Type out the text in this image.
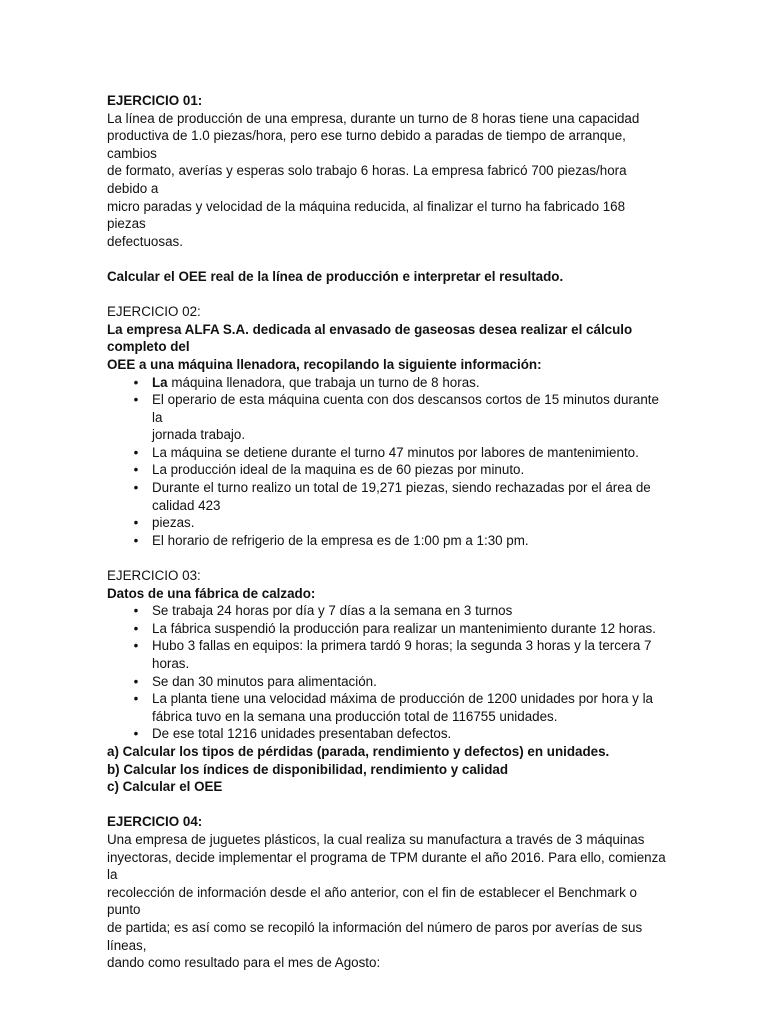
EJERCICIO 01:

La línea de producción de una empresa, durante un turno de 8 horas tiene una capacidad

productiva de 1.0 piezas/hora, pero ese turno debido a paradas de tiempo de arranque, cambios

de formato, averías y esperas solo trabajo 6 horas. La empresa fabricó 700 piezas/hora debido a

micro paradas y velocidad de la máquina reducida, al finalizar el turno ha fabricado 168 piezas

defectuosas.

Calcular el OEE real de la línea de producción e interpretar el resultado.

EJERCICIO 02:

La empresa ALFA S.A. dedicada al envasado de gaseosas desea realizar el cálculo completo del

OEE a una máquina llenadora, recopilando la siguiente información:

• La máquina llenadora, que trabaja un turno de 8 horas.
• El operario de esta máquina cuenta con dos descansos cortos de 15 minutos durante la
jornada trabajo.
• La máquina se detiene durante el turno 47 minutos por labores de mantenimiento.
• La producción ideal de la maquina es de 60 piezas por minuto.
• Durante el turno realizo un total de 19,271 piezas, siendo rechazadas por el área de
calidad 423
• piezas.
• El horario de refrigerio de la empresa es de 1:00 pm a 1:30 pm.

EJERCICIO 03:

Datos de una fábrica de calzado:

• Se trabaja 24 horas por día y 7 días a la semana en 3 turnos
• La fábrica suspendió la producción para realizar un mantenimiento durante 12 horas.
• Hubo 3 fallas en equipos: la primera tardó 9 horas; la segunda 3 horas y la tercera 7 horas.
• Se dan 30 minutos para alimentación.
• La planta tiene una velocidad máxima de producción de 1200 unidades por hora y la
fábrica tuvo en la semana una producción total de 116755 unidades.
• De ese total 1216 unidades presentaban defectos.

a) Calcular los tipos de pérdidas (parada, rendimiento y defectos) en unidades.

b) Calcular los índices de disponibilidad, rendimiento y calidad

c) Calcular el OEE

EJERCICIO 04:

Una empresa de juguetes plásticos, la cual realiza su manufactura a través de 3 máquinas

inyectoras, decide implementar el programa de TPM durante el año 2016. Para ello, comienza la

recolección de información desde el año anterior, con el fin de establecer el Benchmark o punto

de partida; es así como se recopiló la información del número de paros por averías de sus líneas,

dando como resultado para el mes de Agosto:
